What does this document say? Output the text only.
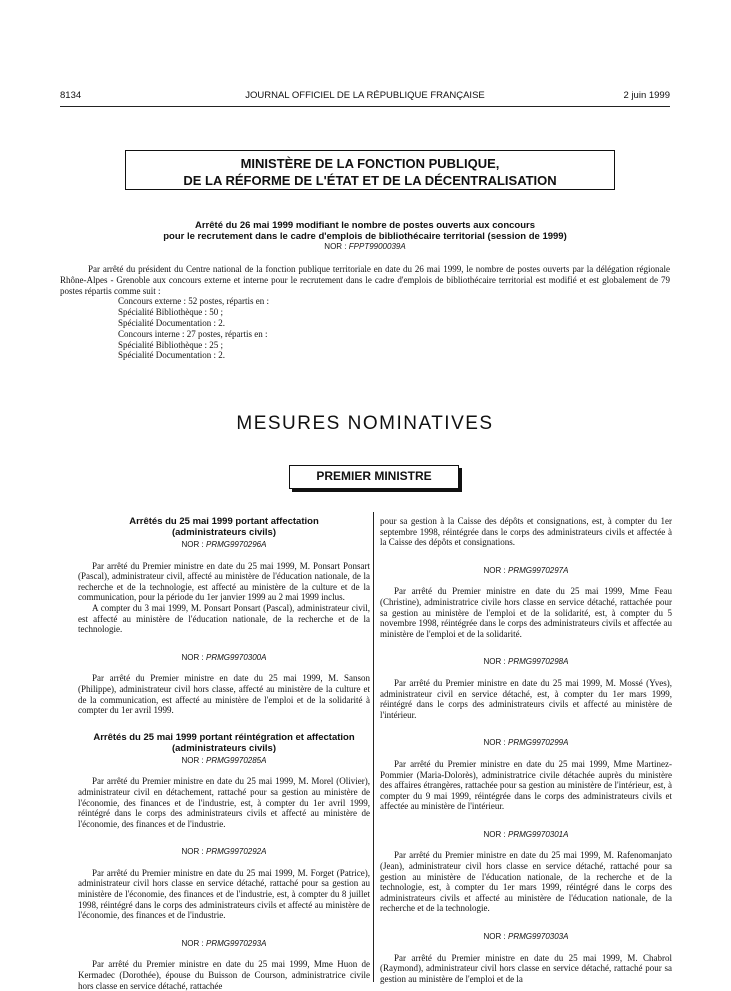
8134	JOURNAL OFFICIEL DE LA RÉPUBLIQUE FRANÇAISE	2 juin 1999
MINISTÈRE DE LA FONCTION PUBLIQUE,
DE LA RÉFORME DE L'ÉTAT ET DE LA DÉCENTRALISATION
Arrêté du 26 mai 1999 modifiant le nombre de postes ouverts aux concours
pour le recrutement dans le cadre d'emplois de bibliothécaire territorial (session de 1999)
NOR : FPPT9900039A

Par arrêté du président du Centre national de la fonction publique territoriale en date du 26 mai 1999, le nombre de postes ouverts par la délégation régionale Rhône-Alpes - Grenoble aux concours externe et interne pour le recrutement dans le cadre d'emplois de bibliothécaire territorial est modifié et est globalement de 79 postes répartis comme suit :

Concours externe : 52 postes, répartis en :

Spécialité Bibliothèque : 50 ;

Spécialité Documentation : 2.

Concours interne : 27 postes, répartis en :

Spécialité Bibliothèque : 25 ;

Spécialité Documentation : 2.

MESURES NOMINATIVES
PREMIER MINISTRE
Arrêtés du 25 mai 1999 portant affectation
(administrateurs civils)
NOR : PRMG9970296A

Par arrêté du Premier ministre en date du 25 mai 1999, M. Ponsart Ponsart (Pascal), administrateur civil, affecté au ministère de l'éducation nationale, de la recherche et de la technologie, est affecté au ministère de la culture et de la communication, pour la période du 1er janvier 1999 au 2 mai 1999 inclus.

A compter du 3 mai 1999, M. Ponsart Ponsart (Pascal), administrateur civil, est affecté au ministère de l'éducation nationale, de la recherche et de la technologie.

NOR : PRMG9970300A

Par arrêté du Premier ministre en date du 25 mai 1999, M. Sanson (Philippe), administrateur civil hors classe, affecté au ministère de la culture et de la communication, est affecté au ministère de l'emploi et de la solidarité à compter du 1er avril 1999.

Arrêtés du 25 mai 1999 portant réintégration et affectation
(administrateurs civils)
NOR : PRMG9970285A

Par arrêté du Premier ministre en date du 25 mai 1999, M. Morel (Olivier), administrateur civil en détachement, rattaché pour sa gestion au ministère de l'économie, des finances et de l'industrie, est, à compter du 1er avril 1999, réintégré dans le corps des administrateurs civils et affecté au ministère de l'économie, des finances et de l'industrie.

NOR : PRMG9970292A

Par arrêté du Premier ministre en date du 25 mai 1999, M. Forget (Patrice), administrateur civil hors classe en service détaché, rattaché pour sa gestion au ministère de l'économie, des finances et de l'industrie, est, à compter du 8 juillet 1998, réintégré dans le corps des administrateurs civils et affecté au ministère de l'économie, des finances et de l'industrie.

NOR : PRMG9970293A

Par arrêté du Premier ministre en date du 25 mai 1999, Mme Huon de Kermadec (Dorothée), épouse du Buisson de Courson, administratrice civile hors classe en service détaché, rattachée

pour sa gestion à la Caisse des dépôts et consignations, est, à compter du 1er septembre 1998, réintégrée dans le corps des administrateurs civils et affectée à la Caisse des dépôts et consignations.

NOR : PRMG9970297A

Par arrêté du Premier ministre en date du 25 mai 1999, Mme Feau (Christine), administratrice civile hors classe en service détaché, rattachée pour sa gestion au ministère de l'emploi et de la solidarité, est, à compter du 5 novembre 1998, réintégrée dans le corps des administrateurs civils et affectée au ministère de l'emploi et de la solidarité.

NOR : PRMG9970298A

Par arrêté du Premier ministre en date du 25 mai 1999, M. Mossé (Yves), administrateur civil en service détaché, est, à compter du 1er mars 1999, réintégré dans le corps des administrateurs civils et affecté au ministère de l'intérieur.

NOR : PRMG9970299A

Par arrêté du Premier ministre en date du 25 mai 1999, Mme Martinez-Pommier (Maria-Dolorès), administratrice civile détachée auprès du ministère des affaires étrangères, rattachée pour sa gestion au ministère de l'intérieur, est, à compter du 9 mai 1999, réintégrée dans le corps des administrateurs civils et affectée au ministère de l'intérieur.

NOR : PRMG9970301A

Par arrêté du Premier ministre en date du 25 mai 1999, M. Rafenomanjato (Jean), administrateur civil hors classe en service détaché, rattaché pour sa gestion au ministère de l'éducation nationale, de la recherche et de la technologie, est, à compter du 1er mars 1999, réintégré dans le corps des administrateurs civils et affecté au ministère de l'éducation nationale, de la recherche et de la technologie.

NOR : PRMG9970303A

Par arrêté du Premier ministre en date du 25 mai 1999, M. Chabrol (Raymond), administrateur civil hors classe en service détaché, rattaché pour sa gestion au ministère de l'emploi et de la
